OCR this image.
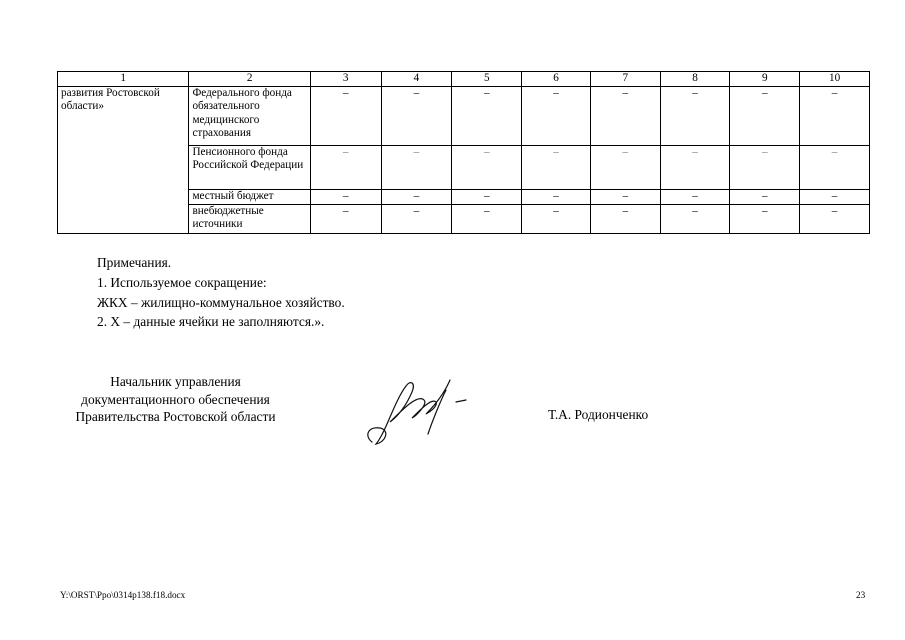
1	2	3	4	5	6	7	8	9	10
развития Ростовской области»	Федерального фонда обязательного медицинского страхования	–	–	–	–	–	–	–	–
	Пенсионного фонда Российской Федерации	–	–	–	–	–	–	–	–
	местный бюджет	–	–	–	–	–	–	–	–
	внебюджетные источники	–	–	–	–	–	–	–	–
Примечания.
1. Используемое сокращение:
ЖКХ – жилищно-коммунальное хозяйство.
2. Х – данные ячейки не заполняются.».
Начальник управления
документационного обеспечения
Правительства Ростовской области	Т.А. Родионченко
Y:\ORST\Ppo\0314p138.f18.docx	23
